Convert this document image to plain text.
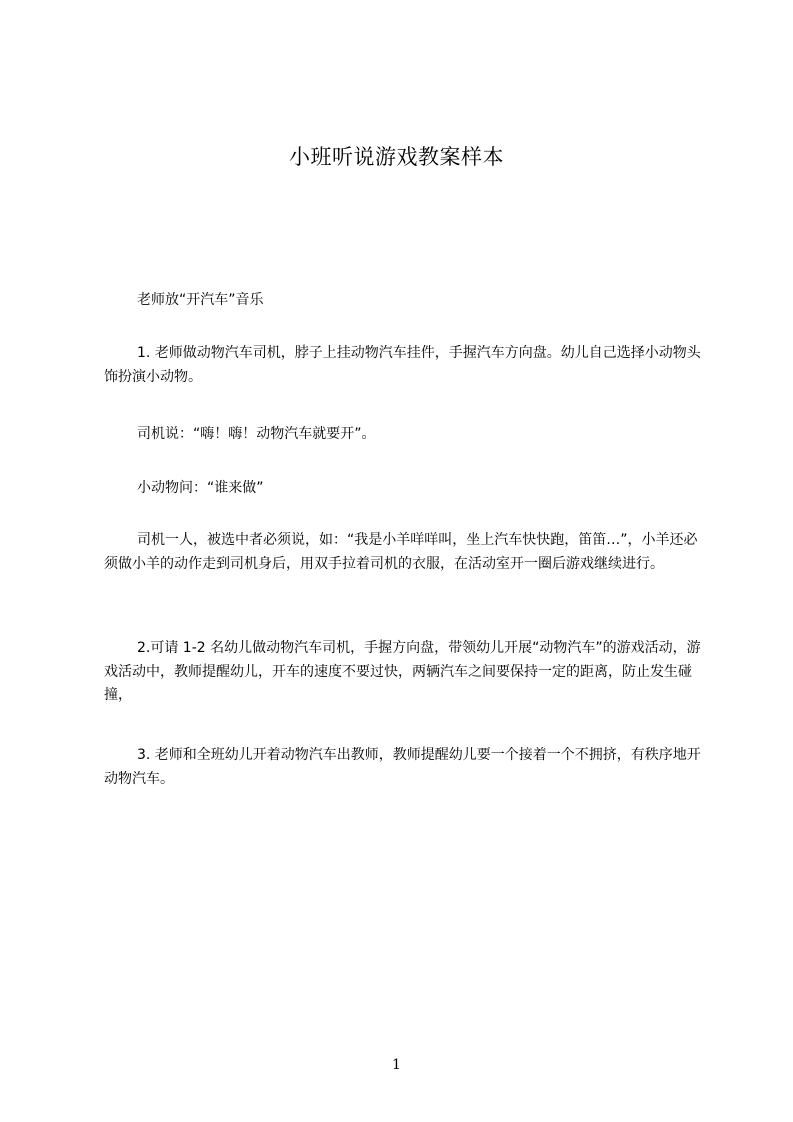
小班听说游戏教案样本

老师放“开汽车”音乐

1. 老师做动物汽车司机，脖子上挂动物汽车挂件，手握汽车方向盘。幼儿自己选择小动物头饰扮演小动物。

司机说：“嗨！嗨！动物汽车就要开”。

小动物问：“谁来做”

司机一人，被选中者必须说，如：“我是小羊咩咩叫，坐上汽车快快跑，笛笛…”，小羊还必须做小羊的动作走到司机身后，用双手拉着司机的衣服，在活动室开一圈后游戏继续进行。

2.可请 1-2 名幼儿做动物汽车司机，手握方向盘，带领幼儿开展“动物汽车”的游戏活动，游戏活动中，教师提醒幼儿，开车的速度不要过快，两辆汽车之间要保持一定的距离，防止发生碰撞，

3. 老师和全班幼儿开着动物汽车出教师，教师提醒幼儿要一个接着一个不拥挤，有秩序地开动物汽车。

1
